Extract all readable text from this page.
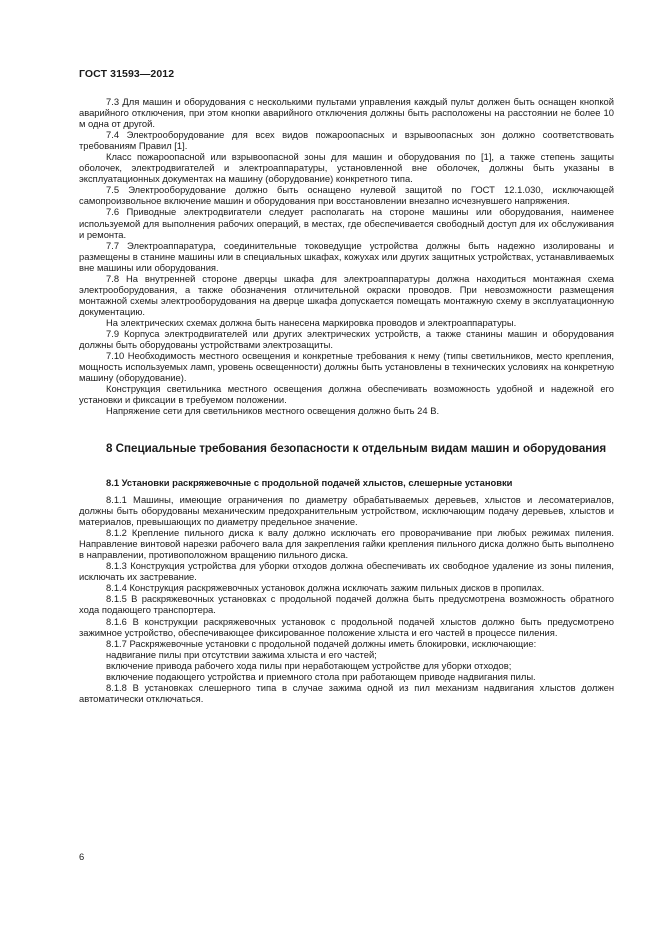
ГОСТ 31593—2012

7.3 Для машин и оборудования с несколькими пультами управления каждый пульт должен быть оснащен кнопкой аварийного отключения, при этом кнопки аварийного отключения должны быть расположены на расстоянии не более 10 м одна от другой.

7.4 Электрооборудование для всех видов пожароопасных и взрывоопасных зон должно соответствовать требованиям Правил [1].

Класс пожароопасной или взрывоопасной зоны для машин и оборудования по [1], а также степень защиты оболочек, электродвигателей и электроаппаратуры, установленной вне оболочек, должны быть указаны в эксплуатационных документах на машину (оборудование) конкретного типа.

7.5 Электрооборудование должно быть оснащено нулевой защитой по ГОСТ 12.1.030, исключающей самопроизвольное включение машин и оборудования при восстановлении внезапно исчезнувшего напряжения.

7.6 Приводные электродвигатели следует располагать на стороне машины или оборудования, наименее используемой для выполнения рабочих операций, в местах, где обеспечивается свободный доступ для их обслуживания и ремонта.

7.7 Электроаппаратура, соединительные токоведущие устройства должны быть надежно изолированы и размещены в станине машины или в специальных шкафах, кожухах или других защитных устройствах, устанавливаемых вне машины или оборудования.

7.8 На внутренней стороне дверцы шкафа для электроаппаратуры должна находиться монтажная схема электрооборудования, а также обозначения отличительной окраски проводов. При невозможности размещения монтажной схемы электрооборудования на дверце шкафа допускается помещать монтажную схему в эксплуатационную документацию.

На электрических схемах должна быть нанесена маркировка проводов и электроаппаратуры.

7.9 Корпуса электродвигателей или других электрических устройств, а также станины машин и оборудования должны быть оборудованы устройствами электрозащиты.

7.10 Необходимость местного освещения и конкретные требования к нему (типы светильников, место крепления, мощность используемых ламп, уровень освещенности) должны быть установлены в технических условиях на конкретную машину (оборудование).

Конструкция светильника местного освещения должна обеспечивать возможность удобной и надежной его установки и фиксации в требуемом положении.

Напряжение сети для светильников местного освещения должно быть 24 В.

8 Специальные требования безопасности к отдельным видам машин и оборудования
8.1 Установки раскряжевочные с продольной подачей хлыстов, слешерные установки

8.1.1 Машины, имеющие ограничения по диаметру обрабатываемых деревьев, хлыстов и лесоматериалов, должны быть оборудованы механическим предохранительным устройством, исключающим подачу деревьев, хлыстов и материалов, превышающих по диаметру предельное значение.

8.1.2 Крепление пильного диска к валу должно исключать его проворачивание при любых режимах пиления. Направление винтовой нарезки рабочего вала для закрепления гайки крепления пильного диска должно быть выполнено в направлении, противоположном вращению пильного диска.

8.1.3 Конструкция устройства для уборки отходов должна обеспечивать их свободное удаление из зоны пиления, исключать их застревание.

8.1.4 Конструкция раскряжевочных установок должна исключать зажим пильных дисков в пропилах.

8.1.5 В раскряжевочных установках с продольной подачей должна быть предусмотрена возможность обратного хода подающего транспортера.

8.1.6 В конструкции раскряжевочных установок с продольной подачей хлыстов должно быть предусмотрено зажимное устройство, обеспечивающее фиксированное положение хлыста и его частей в процессе пиления.

8.1.7 Раскряжевочные установки с продольной подачей должны иметь блокировки, исключающие:

надвигание пилы при отсутствии зажима хлыста и его частей;

включение привода рабочего хода пилы при неработающем устройстве для уборки отходов;

включение подающего устройства и приемного стола при работающем приводе надвигания пилы.

8.1.8 В установках слешерного типа в случае зажима одной из пил механизм надвигания хлыстов должен автоматически отключаться.

6
